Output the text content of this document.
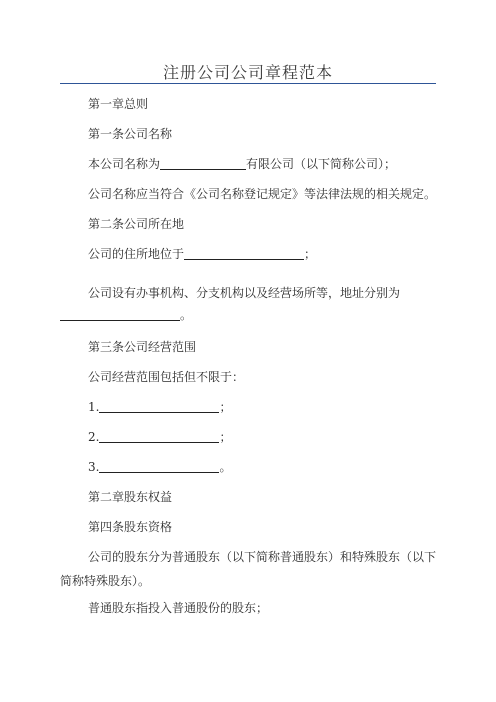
注册公司公司章程范本
第一章总则
第一条公司名称
本公司名称为	有限公司（以下简称公司）；
公司名称应当符合《公司名称登记规定》等法律法规的相关规定。
第二条公司所在地
公司的住所地位于	；
公司设有办事机构、分支机构以及经营场所等，地址分别为
。
第三条公司经营范围
公司经营范围包括但不限于：
1.	；
2.	；
3.	。
第二章股东权益
第四条股东资格
公司的股东分为普通股东（以下简称普通股东）和特殊股东（以下简称特殊股东）。
普通股东指投入普通股份的股东；
